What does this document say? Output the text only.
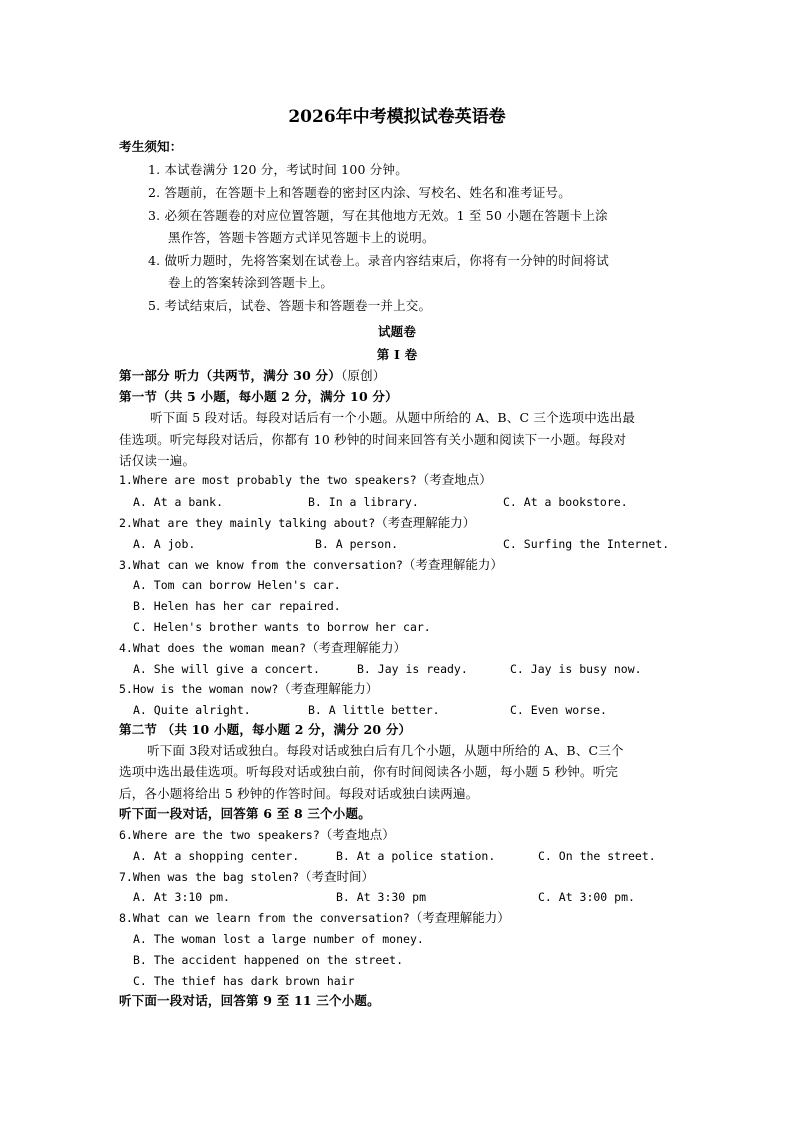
2026年中考模拟试卷英语卷
考生须知：
1. 本试卷满分 120 分，考试时间 100 分钟。
2. 答题前，在答题卡上和答题卷的密封区内涂、写校名、姓名和准考证号。
3. 必须在答题卷的对应位置答题，写在其他地方无效。1 至 50 小题在答题卡上涂
黑作答，答题卡答题方式详见答题卡上的说明。
4. 做听力题时，先将答案划在试卷上。录音内容结束后，你将有一分钟的时间将试
卷上的答案转涂到答题卡上。
5. 考试结束后，试卷、答题卡和答题卷一并上交。
试题卷
第 I 卷
第一部分 听力（共两节，满分 30 分）（原创）
第一节（共 5 小题，每小题 2 分，满分 10 分）
听下面 5 段对话。每段对话后有一个小题。从题中所给的 A、B、C 三个选项中选出最
佳选项。听完每段对话后，你都有 10 秒钟的时间来回答有关小题和阅读下一小题。每段对
话仅读一遍。
1.Where are most probably the two speakers?（考查地点）
A. At a bank.	B. In a library.	C. At a bookstore.
2.What are they mainly talking about?（考查理解能力）
A. A job.	B. A person.	C. Surfing the Internet.
3.What can we know from the conversation?（考查理解能力）
A. Tom can borrow Helen's car.
B. Helen has her car repaired.
C. Helen's brother wants to borrow her car.
4.What does the woman mean?（考查理解能力）
A. She will give a concert.	B. Jay is ready.	C. Jay is busy now.
5.How is the woman now?（考查理解能力）
A. Quite alright.	B. A little better.	C. Even worse.
第二节 （共 10 小题，每小题 2 分，满分 20 分）
听下面 3段对话或独白。每段对话或独白后有几个小题，从题中所给的 A、B、C三个
选项中选出最佳选项。听每段对话或独白前，你有时间阅读各小题，每小题 5 秒钟。听完
后，各小题将给出 5 秒钟的作答时间。每段对话或独白读两遍。
听下面一段对话，回答第 6 至 8 三个小题。
6.Where are the two speakers?（考查地点）
A. At a shopping center.	B. At a police station.	C. On the street.
7.When was the bag stolen?（考查时间）
A. At 3:10 pm.	B. At 3:30 pm	C. At 3:00 pm.
8.What can we learn from the conversation?（考查理解能力）
A. The woman lost a large number of money.
B. The accident happened on the street.
C. The thief has dark brown hair
听下面一段对话，回答第 9 至 11 三个小题。
